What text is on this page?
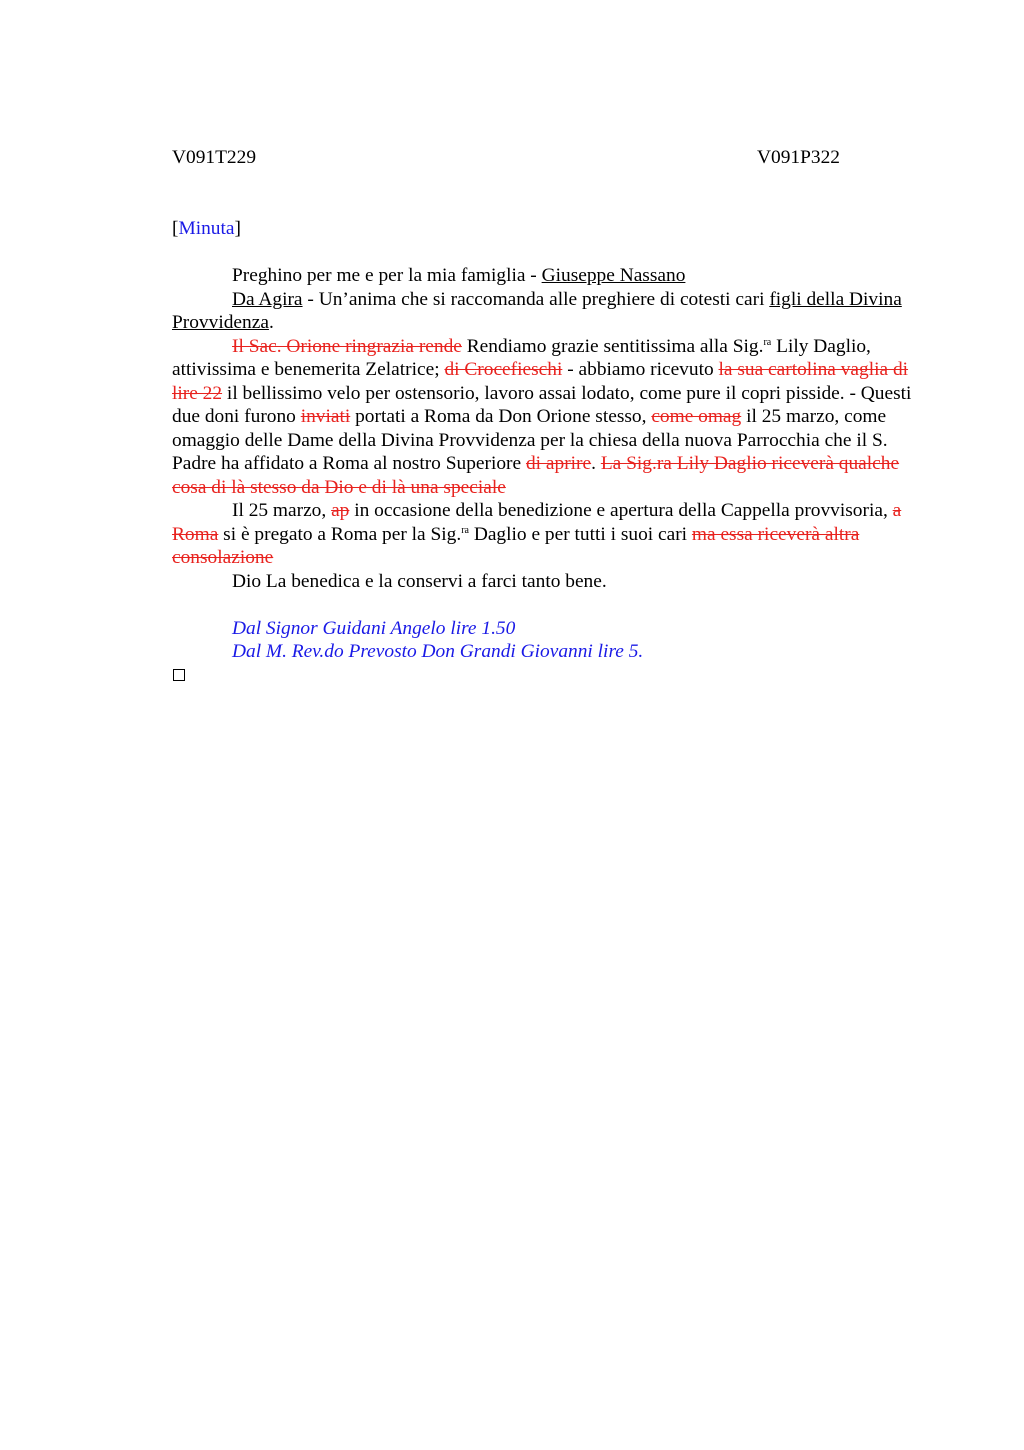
V091T229	V091P322

[Minuta]

Preghino per me e per la mia famiglia - Giuseppe Nassano

Da Agira - Un’anima che si raccomanda alle preghiere di cotesti cari figli della Divina Provvidenza.

Il Sac. Orione ringrazia rende Rendiamo grazie sentitissima alla Sig.$^{ra}$ Lily Daglio, attivissima e benemerita Zelatrice; di Crocefieschi - abbiamo ricevuto la sua cartolina vaglia di lire 22 il bellissimo velo per ostensorio, lavoro assai lodato, come pure il copri pisside. - Questi due doni furono inviati portati a Roma da Don Orione stesso, come omag il 25 marzo, come omaggio delle Dame della Divina Provvidenza per la chiesa della nuova Parrocchia che il S. Padre ha affidato a Roma al nostro Superiore di aprire. La Sig.ra Lily Daglio riceverà qualche cosa di là stesso da Dio e di là una speciale

Il 25 marzo, ap in occasione della benedizione e apertura della Cappella provvisoria, a Roma si è pregato a Roma per la Sig.$^{ra}$ Daglio e per tutti i suoi cari ma essa riceverà altra consolazione

Dio La benedica e la conservi a farci tanto bene.

Dal Signor Guidani Angelo lire 1.50

Dal M. Rev.do Prevosto Don Grandi Giovanni lire 5.
